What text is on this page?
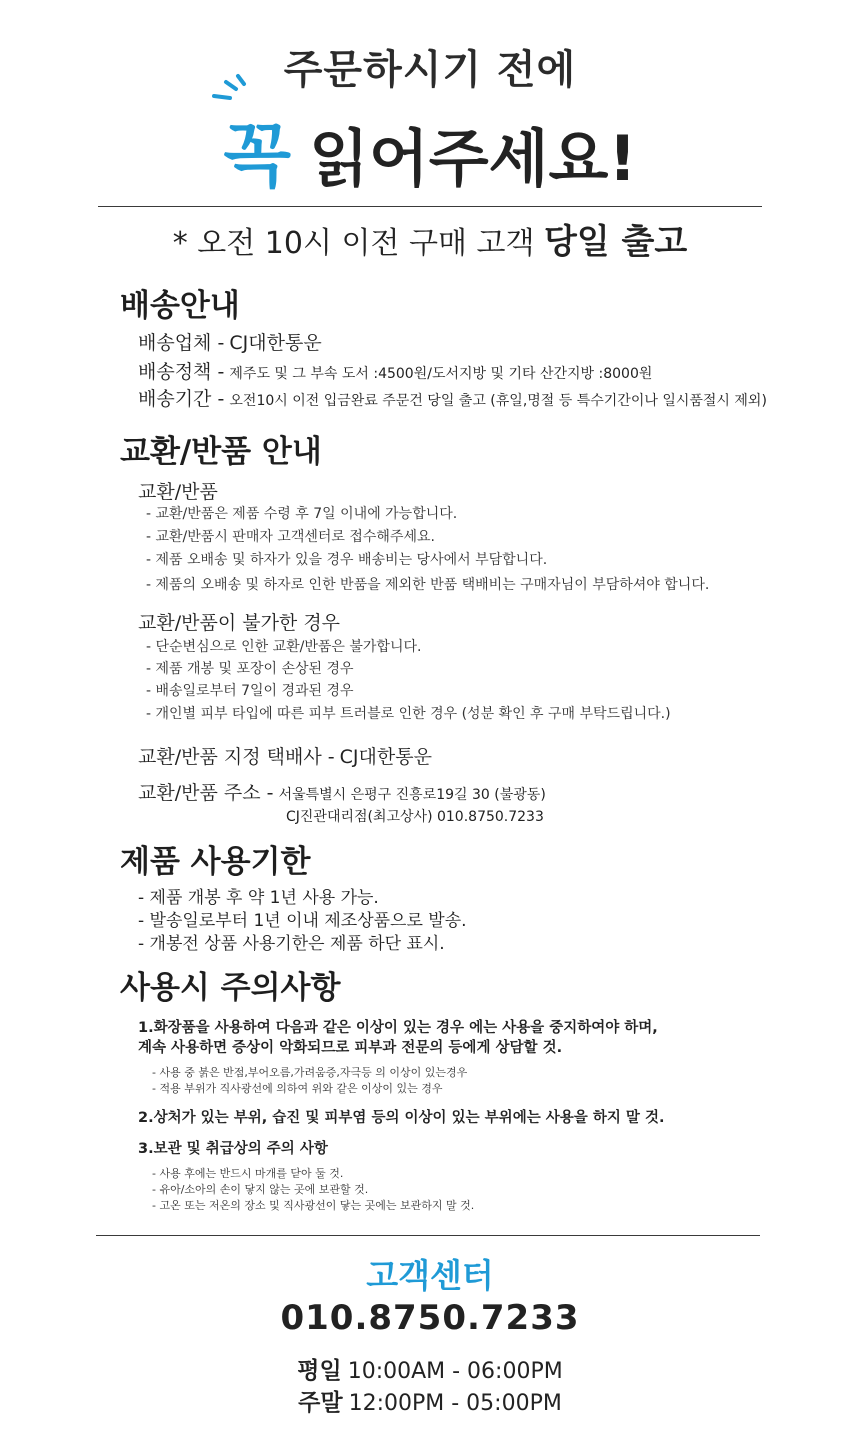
주문하시기 전에
꼭 읽어주세요!
* 오전 10시 이전 구매 고객 당일 출고
배송안내
배송업체 - CJ대한통운
배송정책 - 제주도 및 그 부속 도서 :4500원/도서지방 및 기타 산간지방 :8000원
배송기간 - 오전10시 이전 입금완료 주문건 당일 출고 (휴일,명절 등 특수기간이나 일시품절시 제외)
교환/반품 안내
교환/반품
- 교환/반품은 제품 수령 후 7일 이내에 가능합니다.
- 교환/반품시 판매자 고객센터로 접수해주세요.
- 제품 오배송 및 하자가 있을 경우 배송비는 당사에서 부담합니다.
- 제품의 오배송 및 하자로 인한 반품을 제외한 반품 택배비는 구매자님이 부담하셔야 합니다.
교환/반품이 불가한 경우
- 단순변심으로 인한 교환/반품은 불가합니다.
- 제품 개봉 및 포장이 손상된 경우
- 배송일로부터 7일이 경과된 경우
- 개인별 피부 타입에 따른 피부 트러블로 인한 경우 (성분 확인 후 구매 부탁드립니다.)
교환/반품 지정 택배사 - CJ대한통운
교환/반품 주소 - 서울특별시 은평구 진흥로19길 30 (불광동)
CJ진관대리점(최고상사) 010.8750.7233
제품 사용기한
- 제품 개봉 후 약 1년 사용 가능.
- 발송일로부터 1년 이내 제조상품으로 발송.
- 개봉전 상품 사용기한은 제품 하단 표시.
사용시 주의사항
1.화장품을 사용하여 다음과 같은 이상이 있는 경우 에는 사용을 중지하여야 하며,
계속 사용하면 증상이 악화되므로 피부과 전문의 등에게 상담할 것.
- 사용 중 붉은 반점,부어오름,가려움증,자극등 의 이상이 있는경우
- 적용 부위가 직사광선에 의하여 위와 같은 이상이 있는 경우
2.상처가 있는 부위, 습진 및 피부염 등의 이상이 있는 부위에는 사용을 하지 말 것.
3.보관 및 취급상의 주의 사항
- 사용 후에는 반드시 마개를 닫아 둘 것.
- 유아/소아의 손이 닿지 않는 곳에 보관할 것.
- 고온 또는 저온의 장소 및 직사광선이 닿는 곳에는 보관하지 말 것.
고객센터
010.8750.7233
평일 10:00AM - 06:00PM
주말 12:00PM - 05:00PM
